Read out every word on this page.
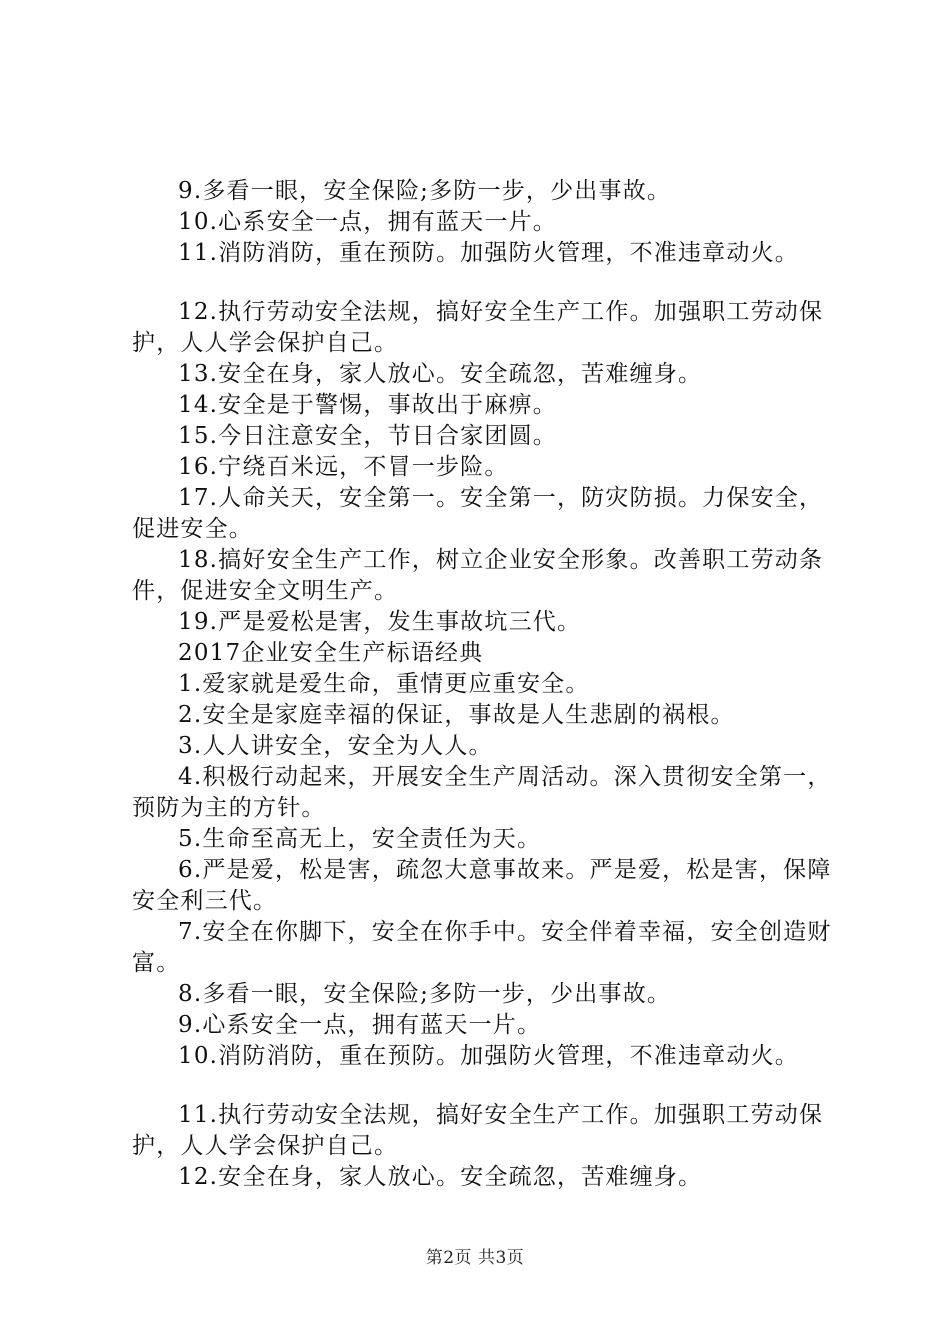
9.多看一眼，安全保险;多防一步，少出事故。

10.心系安全一点，拥有蓝天一片。

11.消防消防，重在预防。加强防火管理，不准违章动火。

12.执行劳动安全法规，搞好安全生产工作。加强职工劳动保护，人人学会保护自己。

13.安全在身，家人放心。安全疏忽，苦难缠身。

14.安全是于警惕，事故出于麻痹。

15.今日注意安全，节日合家团圆。

16.宁绕百米远，不冒一步险。

17.人命关天，安全第一。安全第一，防灾防损。力保安全，促进安全。

18.搞好安全生产工作，树立企业安全形象。改善职工劳动条件，促进安全文明生产。

19.严是爱松是害，发生事故坑三代。

2017企业安全生产标语经典

1.爱家就是爱生命，重情更应重安全。

2.安全是家庭幸福的保证，事故是人生悲剧的祸根。

3.人人讲安全，安全为人人。

4.积极行动起来，开展安全生产周活动。深入贯彻安全第一，预防为主的方针。

5.生命至高无上，安全责任为天。

6.严是爱，松是害，疏忽大意事故来。严是爱，松是害，保障安全利三代。

7.安全在你脚下，安全在你手中。安全伴着幸福，安全创造财富。

8.多看一眼，安全保险;多防一步，少出事故。

9.心系安全一点，拥有蓝天一片。

10.消防消防，重在预防。加强防火管理，不准违章动火。

11.执行劳动安全法规，搞好安全生产工作。加强职工劳动保护，人人学会保护自己。

12.安全在身，家人放心。安全疏忽，苦难缠身。

第2页 共3页
